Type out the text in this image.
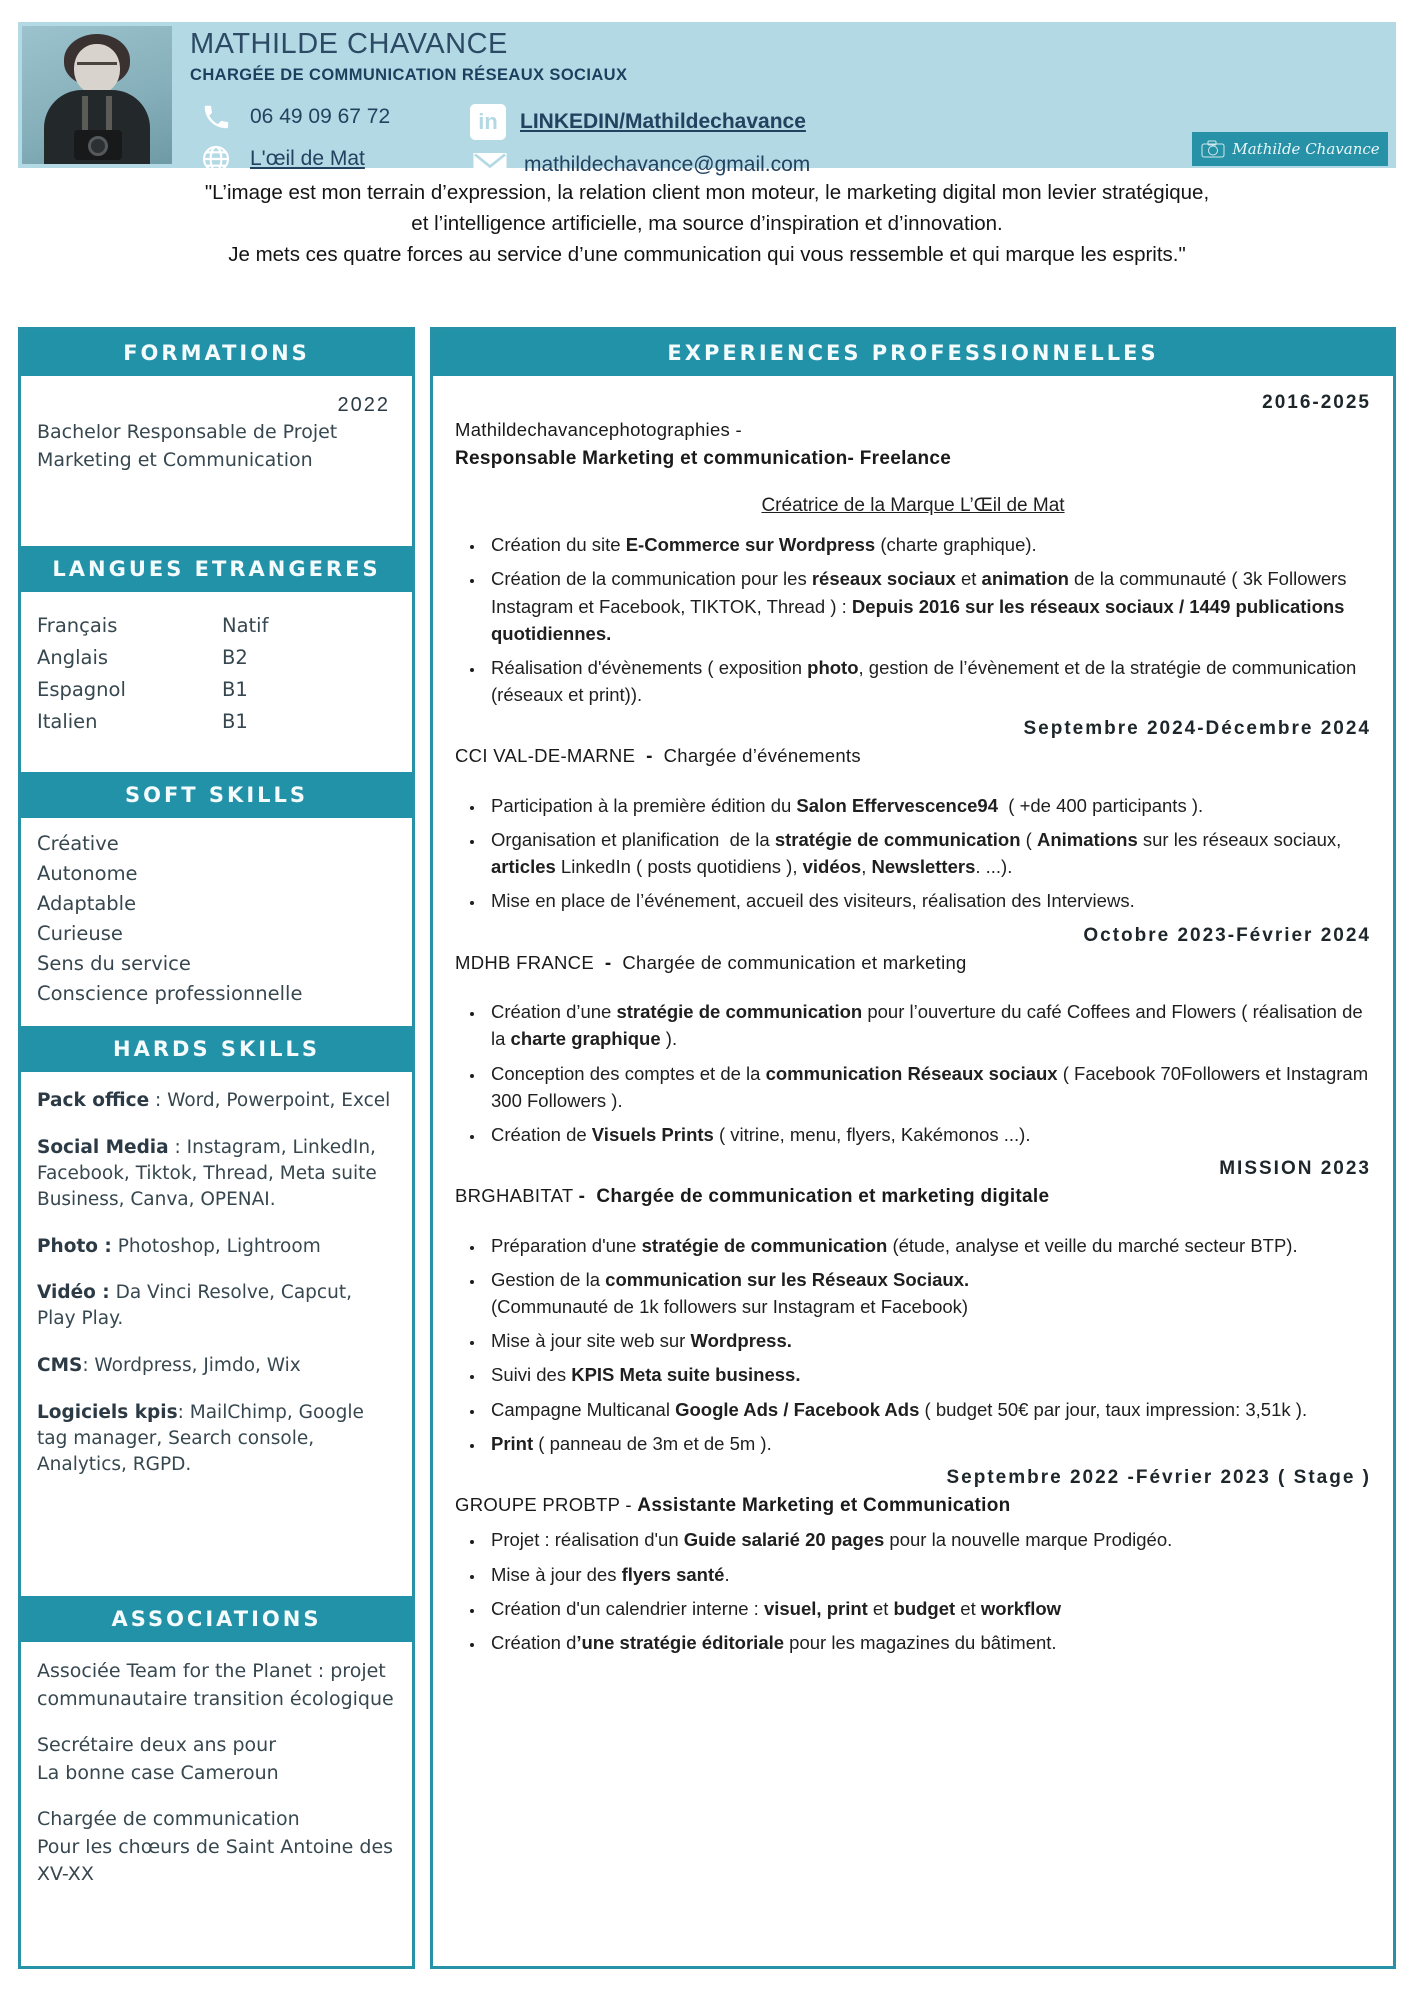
MATHILDE CHAVANCE
CHARGÉE DE COMMUNICATION RÉSEAUX SOCIAUX
06 49 09 67 72
L'œil de Mat
in	LINKEDIN/Mathildechavance
mathildechavance@gmail.com
Mathilde Chavance
"L’image est mon terrain d’expression, la relation client mon moteur, le marketing digital mon levier stratégique,
et l’intelligence artificielle, ma source d’inspiration et d’innovation.
Je mets ces quatre forces au service d’une communication qui vous ressemble et qui marque les esprits."
FORMATIONS
2022
Bachelor Responsable de Projet Marketing et Communication
LANGUES ETRANGERES
Français	Natif
Anglais	B2
Espagnol	B1
Italien	B1
SOFT SKILLS
Créative
Autonome
Adaptable
Curieuse
Sens du service
Conscience professionnelle
HARDS SKILLS
Pack office : Word, Powerpoint, Excel
Social Media : Instagram, LinkedIn, Facebook, Tiktok, Thread, Meta suite Business, Canva, OPENAI.
Photo : Photoshop, Lightroom
Vidéo : Da Vinci Resolve, Capcut, Play Play.
CMS: Wordpress, Jimdo, Wix
Logiciels kpis: MailChimp, Google tag manager, Search console, Analytics, RGPD.
ASSOCIATIONS
Associée Team for the Planet : projet communautaire transition écologique
Secrétaire deux ans pour
La bonne case Cameroun
Chargée de communication
Pour les chœurs de Saint Antoine des XV-XX
EXPERIENCES PROFESSIONNELLES
2016-2025
Mathildechavancephotographies -
Responsable Marketing et communication- Freelance
Créatrice de la Marque L’Œil de Mat
• Création du site E-Commerce sur Wordpress (charte graphique).
• Création de la communication pour les réseaux sociaux et animation de la communauté ( 3k Followers Instagram et Facebook, TIKTOK, Thread ) : Depuis 2016 sur les réseaux sociaux / 1449 publications quotidiennes.
• Réalisation d'évènements ( exposition photo, gestion de l’évènement et de la stratégie de communication (réseaux et print)).
Septembre 2024-Décembre 2024
CCI VAL-DE-MARNE  -  Chargée d’événements
• Participation à la première édition du Salon Effervescence94  ( +de 400 participants ).
• Organisation et planification  de la stratégie de communication ( Animations sur les réseaux sociaux, articles LinkedIn ( posts quotidiens ), vidéos, Newsletters. ...).
• Mise en place de l’événement, accueil des visiteurs, réalisation des Interviews.
Octobre 2023-Février 2024
MDHB FRANCE  -  Chargée de communication et marketing
• Création d’une stratégie de communication pour l’ouverture du café Coffees and Flowers ( réalisation de la charte graphique ).
• Conception des comptes et de la communication Réseaux sociaux ( Facebook 70Followers et Instagram 300 Followers ).
• Création de Visuels Prints ( vitrine, menu, flyers, Kakémonos ...).
MISSION 2023
BRGHABITAT -  Chargée de communication et marketing digitale
• Préparation d'une stratégie de communication (étude, analyse et veille du marché secteur BTP).
• Gestion de la communication sur les Réseaux Sociaux.
(Communauté de 1k followers sur Instagram et Facebook)
• Mise à jour site web sur Wordpress.
• Suivi des KPIS Meta suite business.
• Campagne Multicanal Google Ads / Facebook Ads ( budget 50€ par jour, taux impression: 3,51k ).
• Print ( panneau de 3m et de 5m ).
Septembre 2022 -Février 2023 ( Stage )
GROUPE PROBTP - Assistante Marketing et Communication
• Projet : réalisation d'un Guide salarié 20 pages pour la nouvelle marque Prodigéo.
• Mise à jour des flyers santé.
• Création d'un calendrier interne : visuel, print et budget et workflow
• Création d’une stratégie éditoriale pour les magazines du bâtiment.
